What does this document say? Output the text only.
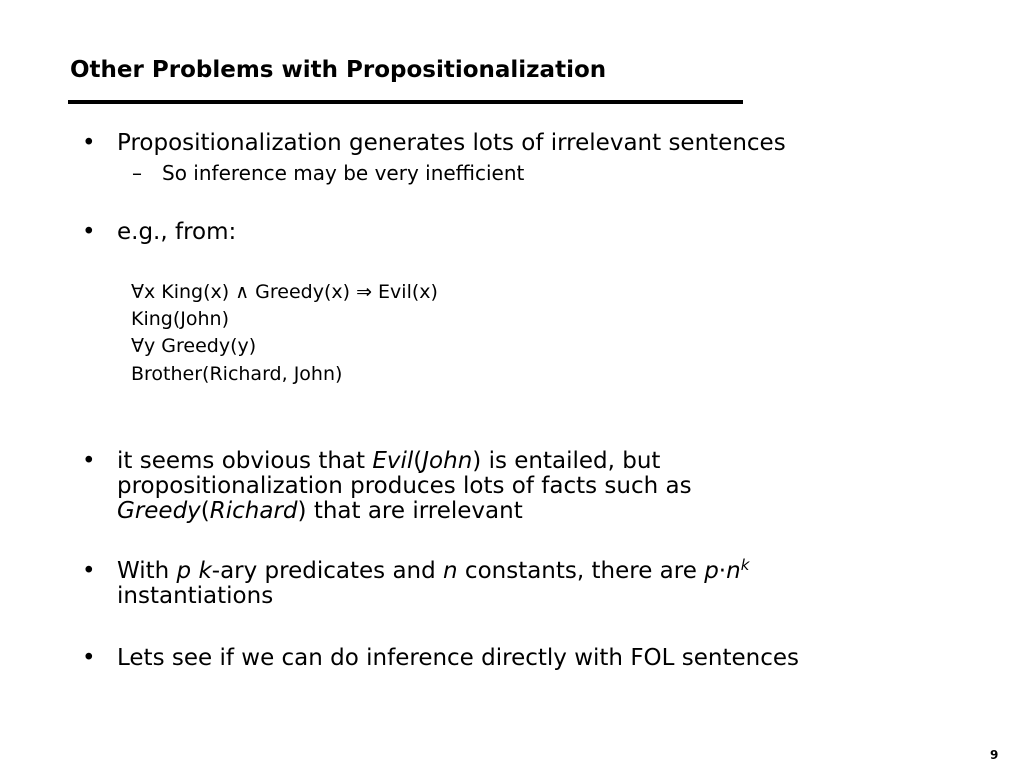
Other Problems with Propositionalization
• Propositionalization generates lots of irrelevant sentences
– So inference may be very inefficient
• e.g., from:
∀x King(x) ∧ Greedy(x) ⇒ Evil(x)
King(John)
∀y Greedy(y)
Brother(Richard, John)
• it seems obvious that Evil(John) is entailed, but
propositionalization produces lots of facts such as
Greedy(Richard) that are irrelevant
• With p k-ary predicates and n constants, there are $p\cdot n^k$
instantiations
• Lets see if we can do inference directly with FOL sentences
9
